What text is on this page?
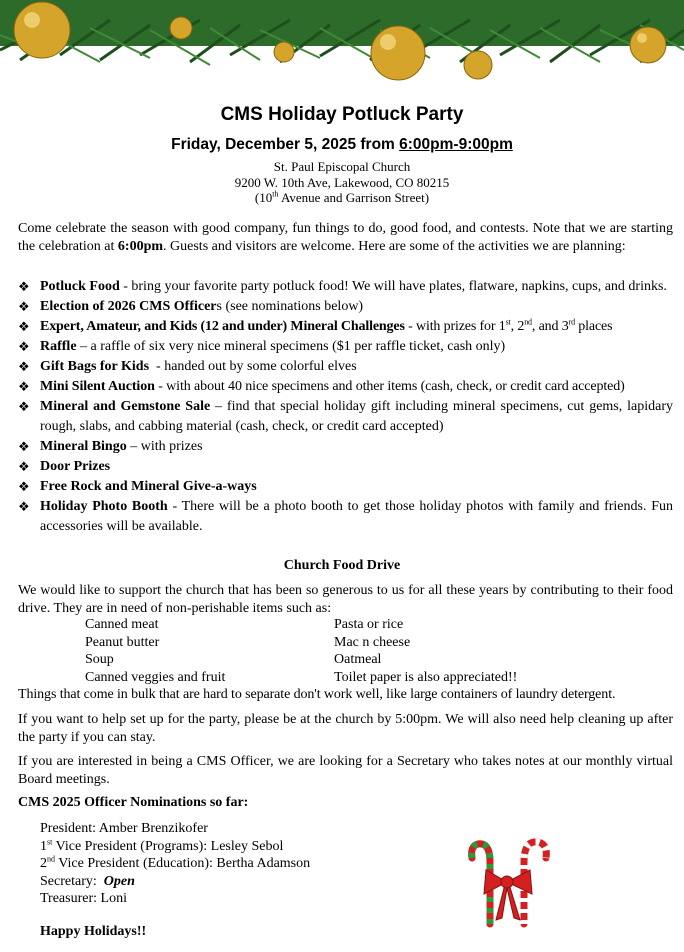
CMS Holiday Potluck Party
Friday, December 5, 2025 from 6:00pm-9:00pm
St. Paul Episcopal Church
9200 W. 10th Ave, Lakewood, CO 80215
(10th Avenue and Garrison Street)
Come celebrate the season with good company, fun things to do, good food, and contests. Note that we are starting the celebration at 6:00pm. Guests and visitors are welcome. Here are some of the activities we are planning:
❖ Potluck Food - bring your favorite party potluck food! We will have plates, flatware, napkins, cups, and drinks.
❖ Election of 2026 CMS Officers (see nominations below)
❖ Expert, Amateur, and Kids (12 and under) Mineral Challenges - with prizes for 1st, 2nd, and 3rd places
❖ Raffle – a raffle of six very nice mineral specimens ($1 per raffle ticket, cash only)
❖ Gift Bags for Kids  - handed out by some colorful elves
❖ Mini Silent Auction - with about 40 nice specimens and other items (cash, check, or credit card accepted)
❖ Mineral and Gemstone Sale – find that special holiday gift including mineral specimens, cut gems, lapidary rough, slabs, and cabbing material (cash, check, or credit card accepted)
❖ Mineral Bingo – with prizes
❖ Door Prizes
❖ Free Rock and Mineral Give-a-ways
❖ Holiday Photo Booth - There will be a photo booth to get those holiday photos with family and friends. Fun accessories will be available.
Church Food Drive
We would like to support the church that has been so generous to us for all these years by contributing to their food drive. They are in need of non-perishable items such as:
Canned meat	Pasta or rice
Peanut butter	Mac n cheese
Soup	Oatmeal
Canned veggies and fruit	Toilet paper is also appreciated!!
Things that come in bulk that are hard to separate don't work well, like large containers of laundry detergent.
If you want to help set up for the party, please be at the church by 5:00pm. We will also need help cleaning up after the party if you can stay.
If you are interested in being a CMS Officer, we are looking for a Secretary who takes notes at our monthly virtual Board meetings.
CMS 2025 Officer Nominations so far:
President: Amber Brenzikofer
1st Vice President (Programs): Lesley Sebol
2nd Vice President (Education): Bertha Adamson
Secretary:  Open
Treasurer: Loni
Happy Holidays!!
